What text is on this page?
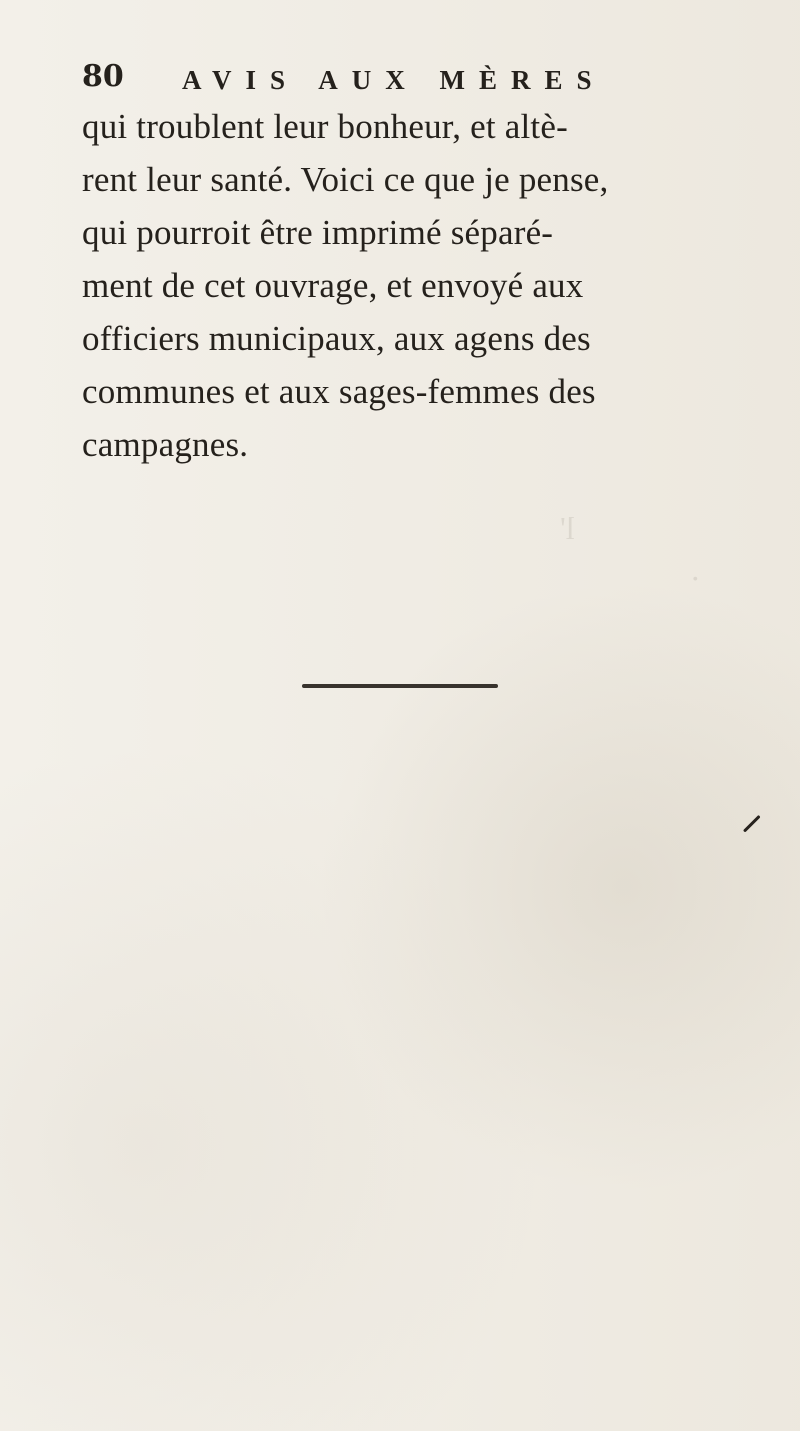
l'
·
80 AVIS AUX MÈRES
qui troublent leur bonheur, et altè-
rent leur santé. Voici ce que je pense,
qui pourroit être imprimé séparé-
ment de cet ouvrage, et envoyé aux
officiers municipaux, aux agens des
communes et aux sages-femmes des
campagnes.
